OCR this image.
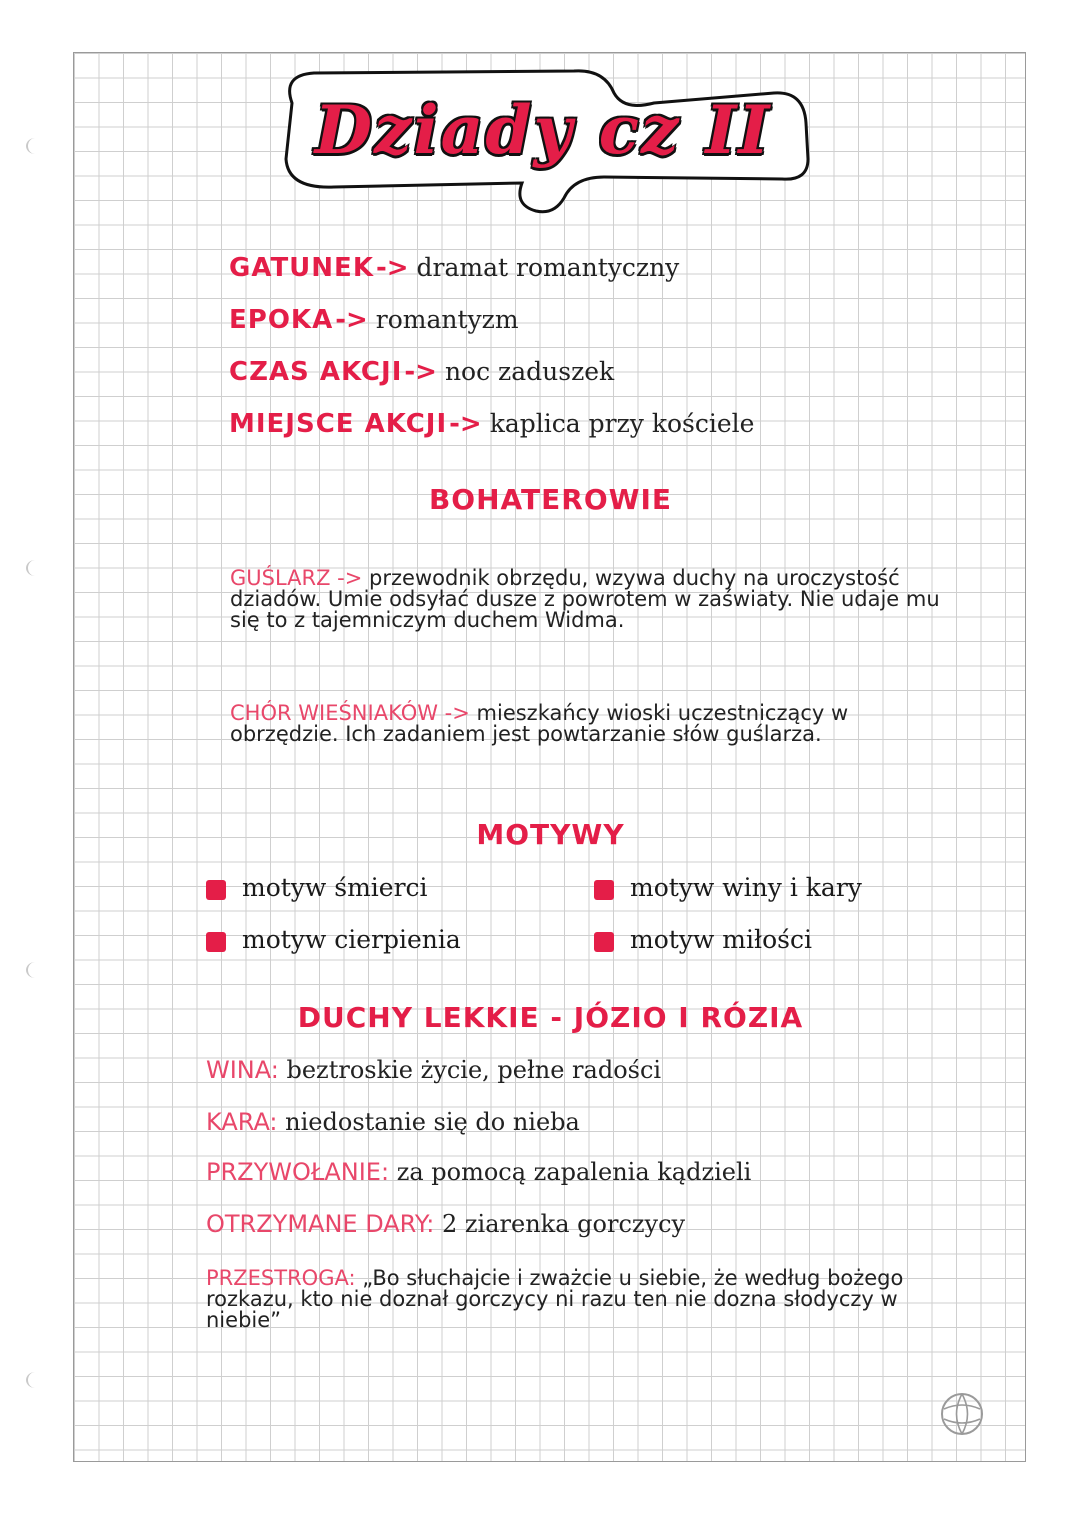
Dziady cz II
GATUNEK-> dramat romantyczny
EPOKA-> romantyzm
CZAS AKCJI-> noc zaduszek
MIEJSCE AKCJI-> kaplica przy kościele
BOHATEROWIE
GUŚLARZ -> przewodnik obrzędu, wzywa duchy na uroczystość dziadów. Umie odsyłać dusze z powrotem w zaświaty. Nie udaje mu się to z tajemniczym duchem Widma.
CHÓR WIEŚNIAKÓW -> mieszkańcy wioski uczestniczący w obrzędzie. Ich zadaniem jest powtarzanie słów guślarza.
MOTYWY
motyw śmierci	motyw winy i kary
motyw cierpienia	motyw miłości
DUCHY LEKKIE - JÓZIO I RÓZIA
WINA: beztroskie życie, pełne radości
KARA: niedostanie się do nieba
PRZYWOŁANIE: za pomocą zapalenia kądzieli
OTRZYMANE DARY: 2 ziarenka gorczycy
PRZESTROGA: „Bo słuchajcie i zważcie u siebie, że według bożego rozkazu, kto nie doznał gorczycy ni razu ten nie dozna słodyczy w niebie”
